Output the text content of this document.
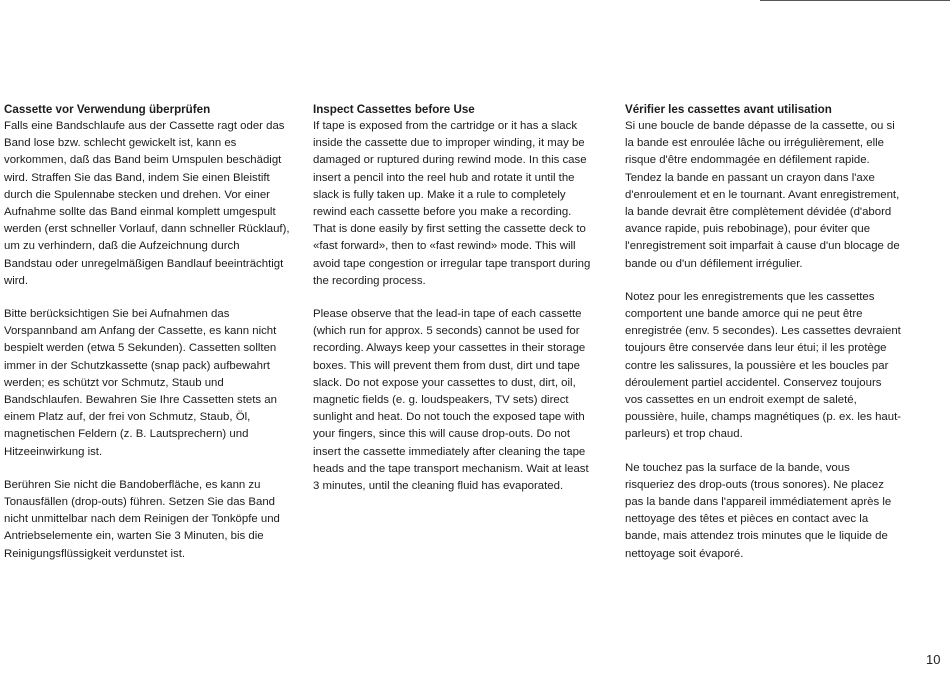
Cassette vor Verwendung überprüfen

Falls eine Bandschlaufe aus der Cassette ragt oder das Band lose bzw. schlecht gewickelt ist, kann es vorkommen, daß das Band beim Umspulen beschädigt wird. Straffen Sie das Band, indem Sie einen Bleistift durch die Spulennabe stecken und drehen. Vor einer Aufnahme sollte das Band einmal komplett umgespult werden (erst schneller Vorlauf, dann schneller Rücklauf), um zu verhindern, daß die Aufzeichnung durch Bandstau oder unregelmäßigen Bandlauf beeinträchtigt wird.

Bitte berücksichtigen Sie bei Aufnahmen das Vorspannband am Anfang der Cassette, es kann nicht bespielt werden (etwa 5 Sekunden). Cassetten sollten immer in der Schutzkassette (snap pack) aufbewahrt werden; es schützt vor Schmutz, Staub und Bandschlaufen. Bewahren Sie Ihre Cassetten stets an einem Platz auf, der frei von Schmutz, Staub, Öl, magnetischen Feldern (z. B. Lautsprechern) und Hitzeeinwirkung ist.

Berühren Sie nicht die Bandoberfläche, es kann zu Tonausfällen (drop-outs) führen. Setzen Sie das Band nicht unmittelbar nach dem Reinigen der Tonköpfe und Antriebselemente ein, warten Sie 3 Minuten, bis die Reinigungsflüssigkeit verdunstet ist.

Inspect Cassettes before Use

If tape is exposed from the cartridge or it has a slack inside the cassette due to improper winding, it may be damaged or ruptured during rewind mode. In this case insert a pencil into the reel hub and rotate it until the slack is fully taken up. Make it a rule to completely rewind each cassette before you make a recording. That is done easily by first setting the cassette deck to «fast forward», then to «fast rewind» mode. This will avoid tape congestion or irregular tape transport during the recording process.

Please observe that the lead-in tape of each cassette (which run for approx. 5 seconds) cannot be used for recording. Always keep your cassettes in their storage boxes. This will prevent them from dust, dirt und tape slack. Do not expose your cassettes to dust, dirt, oil, magnetic fields (e. g. loudspeakers, TV sets) direct sunlight and heat. Do not touch the exposed tape with your fingers, since this will cause drop-outs. Do not insert the cassette immediately after cleaning the tape heads and the tape transport mechanism. Wait at least 3 minutes, until the cleaning fluid has evaporated.

Vérifier les cassettes avant utilisation

Si une boucle de bande dépasse de la cassette, ou si la bande est enroulée lâche ou irrégulièrement, elle risque d'être endommagée en défilement rapide. Tendez la bande en passant un crayon dans l'axe d'enroulement et en le tournant. Avant enregistrement, la bande devrait être complètement dévidée (d'abord avance rapide, puis rebobinage), pour éviter que l'enregistrement soit imparfait à cause d'un blocage de bande ou d'un défilement irrégulier.

Notez pour les enregistrements que les cassettes comportent une bande amorce qui ne peut être enregistrée (env. 5 secondes). Les cassettes devraient toujours être conservée dans leur étui; il les protège contre les salissures, la poussière et les boucles par déroulement partiel accidentel. Conservez toujours vos cassettes en un endroit exempt de saleté, poussière, huile, champs magnétiques (p. ex. les haut-parleurs) et trop chaud.

Ne touchez pas la surface de la bande, vous risqueriez des drop-outs (trous sonores). Ne placez pas la bande dans l'appareil immédiatement après le nettoyage des têtes et pièces en contact avec la bande, mais attendez trois minutes que le liquide de nettoyage soit évaporé.

10
